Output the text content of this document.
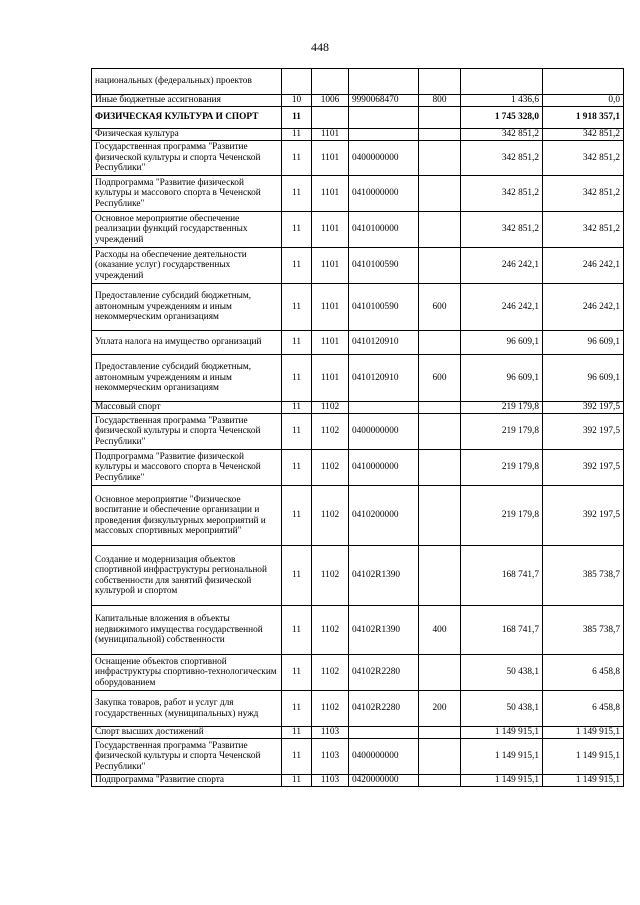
448
национальных (федеральных) проектов						
Иные бюджетные ассигнования	10	1006	9990068470	800	1 436,6	0,0
ФИЗИЧЕСКАЯ КУЛЬТУРА И СПОРТ	11				1 745 328,0	1 918 357,1
Физическая культура	11	1101			342 851,2	342 851,2
Государственная программа "Развитие физической культуры и спорта Чеченской Республики"	11	1101	0400000000		342 851,2	342 851,2
Подпрограмма "Развитие физической культуры и массового спорта в Чеченской Республике"	11	1101	0410000000		342 851,2	342 851,2
Основное мероприятие обеспечение реализации функций государственных учреждений	11	1101	0410100000		342 851,2	342 851,2
Расходы на обеспечение деятельности (оказание услуг) государственных учреждений	11	1101	0410100590		246 242,1	246 242,1
Предоставление субсидий бюджетным, автономным учреждениям и иным некоммерческим организациям	11	1101	0410100590	600	246 242,1	246 242,1
Уплата налога на имущество организаций	11	1101	0410120910		96 609,1	96 609,1
Предоставление субсидий бюджетным, автономным учреждениям и иным некоммерческим организациям	11	1101	0410120910	600	96 609,1	96 609,1
Массовый спорт	11	1102			219 179,8	392 197,5
Государственная программа "Развитие физической культуры и спорта Чеченской Республики"	11	1102	0400000000		219 179,8	392 197,5
Подпрограмма "Развитие физической культуры и массового спорта в Чеченской Республике"	11	1102	0410000000		219 179,8	392 197,5
Основное мероприятие "Физическое воспитание и обеспечение организации и проведения физкультурных мероприятий и массовых спортивных мероприятий"	11	1102	0410200000		219 179,8	392 197,5
Создание и модернизация объектов спортивной инфраструктуры региональной собственности для занятий физической культурой и спортом	11	1102	04102R1390		168 741,7	385 738,7
Капитальные вложения в объекты недвижимого имущества государственной (муниципальной) собственности	11	1102	04102R1390	400	168 741,7	385 738,7
Оснащение объектов спортивной инфраструктуры спортивно-технологическим оборудованием	11	1102	04102R2280		50 438,1	6 458,8
Закупка товаров, работ и услуг для государственных (муниципальных) нужд	11	1102	04102R2280	200	50 438,1	6 458,8
Спорт высших достижений	11	1103			1 149 915,1	1 149 915,1
Государственная программа "Развитие физической культуры и спорта Чеченской Республики"	11	1103	0400000000		1 149 915,1	1 149 915,1
Подпрограмма "Развитие спорта	11	1103	0420000000		1 149 915,1	1 149 915,1
